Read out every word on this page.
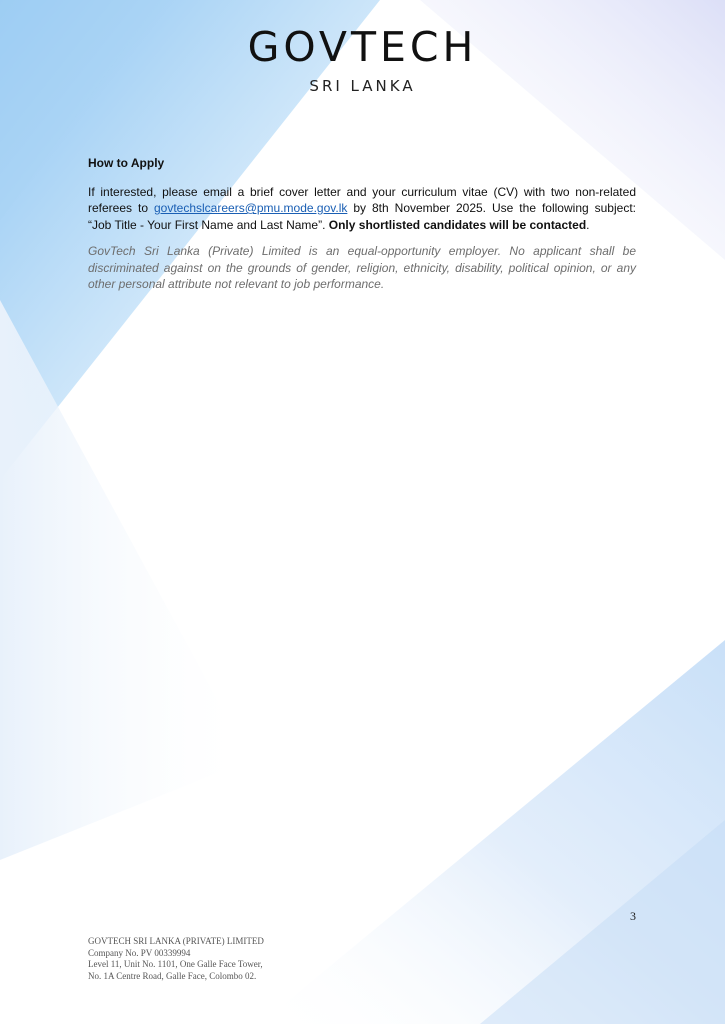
GOVTECH
SRI LANKA
How to Apply

If interested, please email a brief cover letter and your curriculum vitae (CV) with two non-related referees to govtechslcareers@pmu.mode.gov.lk by 8th November 2025. Use the following subject: “Job Title - Your First Name and Last Name”. Only shortlisted candidates will be contacted.

GovTech Sri Lanka (Private) Limited is an equal-opportunity employer. No applicant shall be discriminated against on the grounds of gender, religion, ethnicity, disability, political opinion, or any other personal attribute not relevant to job performance.

3
GOVTECH SRI LANKA (PRIVATE) LIMITED
Company No. PV 00339994
Level 11, Unit No. 1101, One Galle Face Tower,
No. 1A Centre Road, Galle Face, Colombo 02.
